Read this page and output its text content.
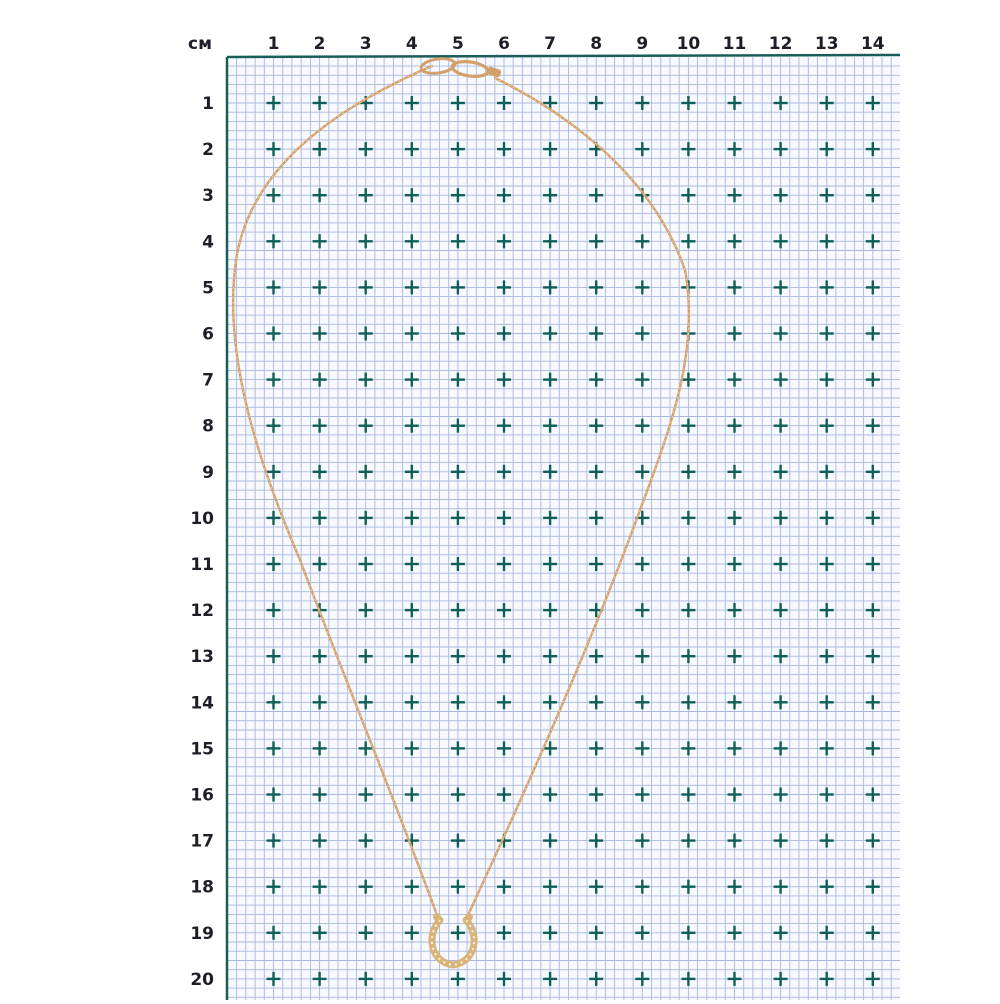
см	1 2 3 4 5 6 7 8 9 10 11 12 13 14
1
2
3
4
5
6
7
8
9
10
11
12
13
14
15
16
17
18
19
20
